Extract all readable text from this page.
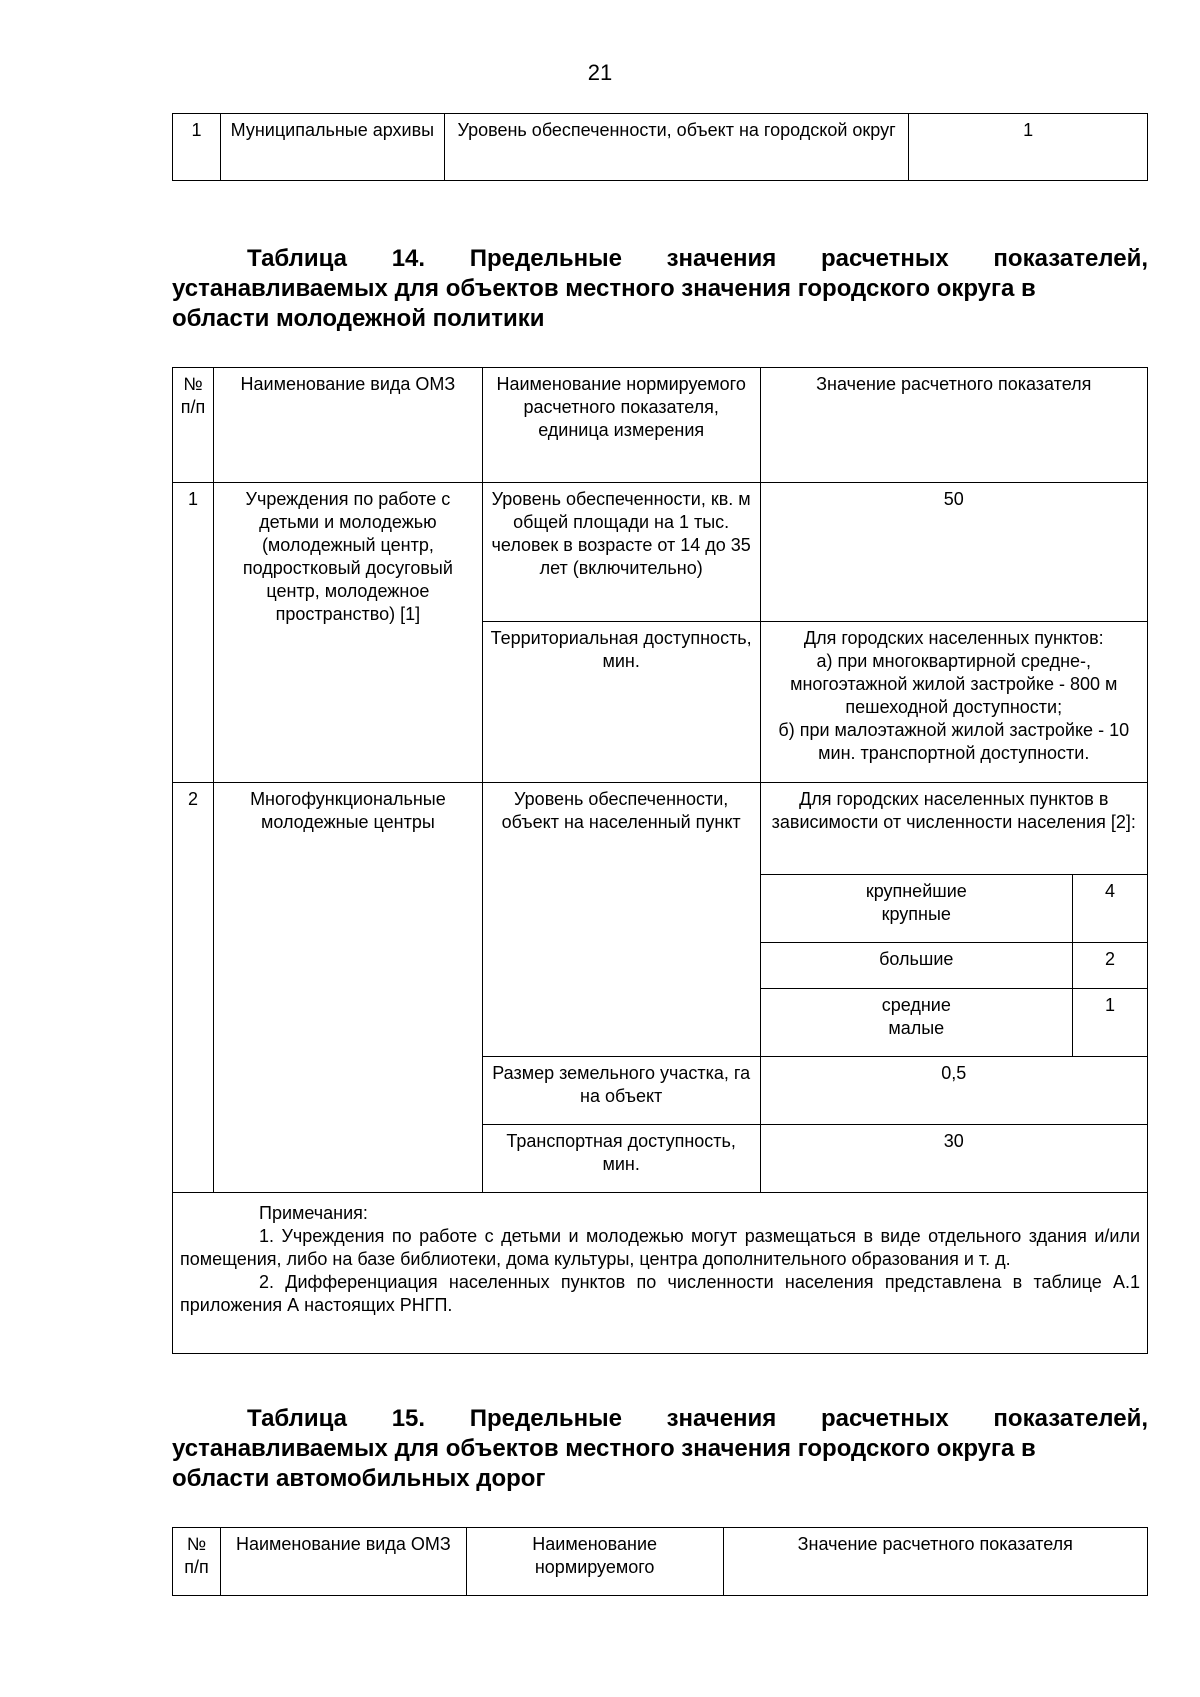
21
1	Муниципальные архивы	Уровень обеспеченности, объект на городской округ	1
Таблица 14. Предельные значения расчетных показателей,
устанавливаемых для объектов местного значения городского округа в
области молодежной политики
№ п/п	Наименование вида ОМЗ	Наименование нормируемого расчетного показателя, единица измерения	Значение расчетного показателя	
1	Учреждения по работе с детьми и молодежью (молодежный центр, подростковый досуговый центр, молодежное пространство) [1]	Уровень обеспеченности, кв. м общей площади на 1 тыс. человек в возрасте от 14 до 35 лет (включительно)	50	
		Территориальная доступность, мин.	Для городских населенных пунктов:
а) при многоквартирной средне-, многоэтажной жилой застройке - 800 м пешеходной доступности;
б) при малоэтажной жилой застройке - 10 мин. транспортной доступности.	

2	Многофункциональные молодежные центры	Уровень обеспеченности, объект на населенный пункт	Для городских населенных пунктов в зависимости от численности населения [2]:	

			крупнейшие
крупные	4

			большие	2

			средние
малые	1
		Размер земельного участка, га на объект	0,5	
		Транспортная доступность, мин.	30	

Примечания:

1. Учреждения по работе с детьми и молодежью могут размещаться в виде отдельного здания и/или помещения, либо на базе библиотеки, дома культуры, центра дополнительного образования и т. д.

2. Дифференциация населенных пунктов по численности населения представлена в таблице А.1 приложения А настоящих РНГП.				

Таблица 15. Предельные значения расчетных показателей,
устанавливаемых для объектов местного значения городского округа в
области автомобильных дорог
№ п/п	Наименование вида ОМЗ	Наименование нормируемого	Значение расчетного показателя
